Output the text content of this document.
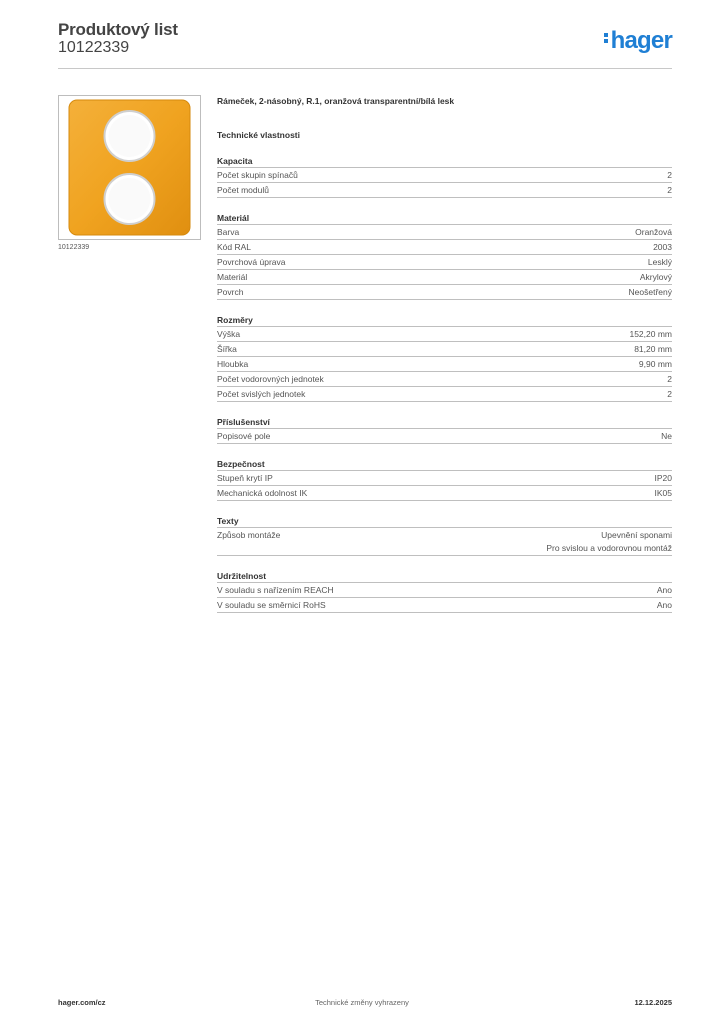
Produktový list
10122339	hager
10122339
Rámeček, 2-násobný, R.1, oranžová transparentní/bílá lesk
Technické vlastnosti
Kapacita
Počet skupin spínačů	2
Počet modulů	2
Materiál
Barva	Oranžová
Kód RAL	2003
Povrchová úprava	Lesklý
Materiál	Akrylový
Povrch	Neošetřený
Rozměry
Výška	152,20 mm
Šířka	81,20 mm
Hloubka	9,90 mm
Počet vodorovných jednotek	2
Počet svislých jednotek	2
Příslušenství
Popisové pole	Ne
Bezpečnost
Stupeň krytí IP	IP20
Mechanická odolnost IK	IK05
Texty
Způsob montáže	Upevnění sponami
Pro svislou a vodorovnou montáž
Udržitelnost
V souladu s nařízením REACH	Ano
V souladu se směrnicí RoHS	Ano
hager.com/cz	Technické změny vyhrazeny	12.12.2025
